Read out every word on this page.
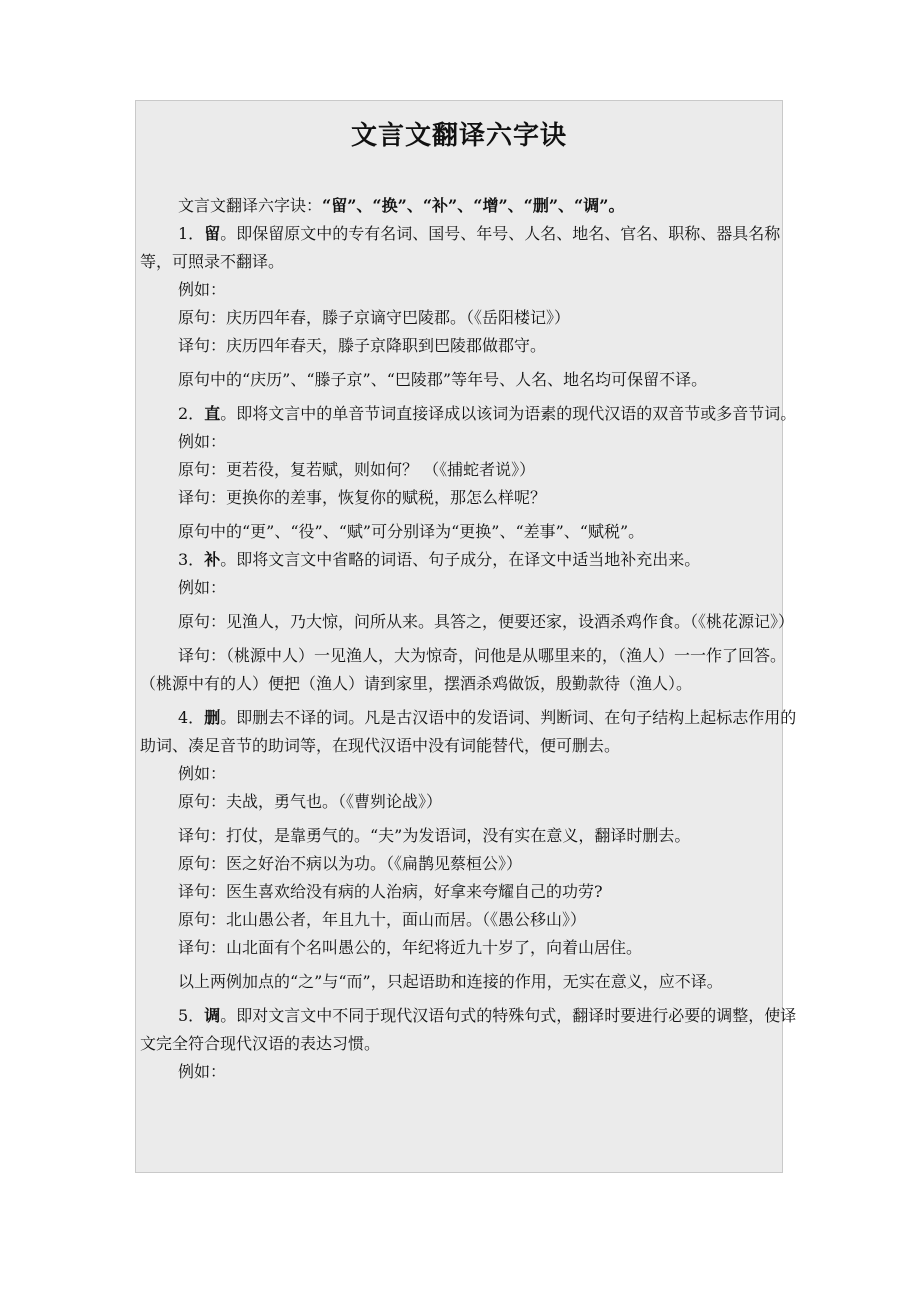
文言文翻译六字诀

文言文翻译六字诀：“留”、“换”、“补”、“增”、“删”、“调”。

1．留。即保留原文中的专有名词、国号、年号、人名、地名、官名、职称、器具名称等，可照录不翻译。

例如：

原句：庆历四年春，滕子京谪守巴陵郡。（《岳阳楼记》）

译句：庆历四年春天，滕子京降职到巴陵郡做郡守。

原句中的“庆历”、“滕子京”、“巴陵郡”等年号、人名、地名均可保留不译。

2．直。即将文言中的单音节词直接译成以该词为语素的现代汉语的双音节或多音节词。

例如：

原句：更若役，复若赋，则如何？ （《捕蛇者说》）

译句：更换你的差事，恢复你的赋税，那怎么样呢？

原句中的“更”、“役”、“赋”可分别译为“更换”、“差事”、“赋税”。

3．补。即将文言文中省略的词语、句子成分，在译文中适当地补充出来。

例如：

原句：见渔人，乃大惊，问所从来。具答之，便要还家，设酒杀鸡作食。（《桃花源记》）

译句：（桃源中人）一见渔人，大为惊奇，问他是从哪里来的，（渔人）一一作了回答。（桃源中有的人）便把（渔人）请到家里，摆酒杀鸡做饭，殷勤款待（渔人）。

4．删。即删去不译的词。凡是古汉语中的发语词、判断词、在句子结构上起标志作用的助词、凑足音节的助词等，在现代汉语中没有词能替代，便可删去。

例如：

原句：夫战，勇气也。（《曹刿论战》）

译句：打仗，是靠勇气的。“夫”为发语词，没有实在意义，翻译时删去。

原句：医之好治不病以为功。（《扁鹊见蔡桓公》）

译句：医生喜欢给没有病的人治病，好拿来夸耀自己的功劳?

原句：北山愚公者，年且九十，面山而居。（《愚公移山》）

译句：山北面有个名叫愚公的，年纪将近九十岁了，向着山居住。

以上两例加点的“之”与“而”，只起语助和连接的作用，无实在意义，应不译。

5．调。即对文言文中不同于现代汉语句式的特殊句式，翻译时要进行必要的调整，使译文完全符合现代汉语的表达习惯。

例如：
